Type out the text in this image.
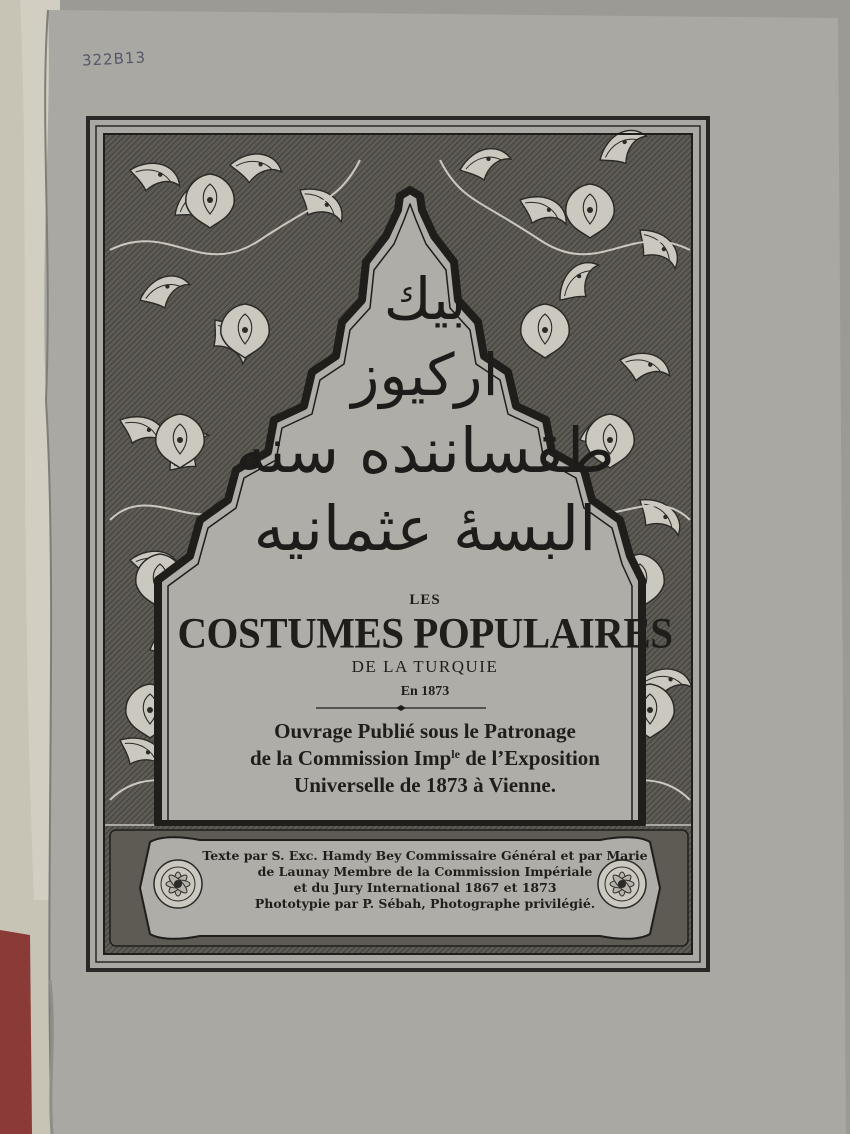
322B13
بيك
اركيوز
طقساننده سنه
البسهٔ عثمانيه
LES
COSTUMES POPULAIRES
DE LA TURQUIE
En 1873
Ouvrage Publié sous le Patronage
de la Commission Imp$^{le}$ de l’Exposition
Universelle de 1873 à Vienne.
Texte par S. Exc. Hamdy Bey Commissaire Général et par Marie
de Launay Membre de la Commission Impériale
et du Jury International 1867 et 1873
Phototypie par P. Sébah, Photographe privilégié.
